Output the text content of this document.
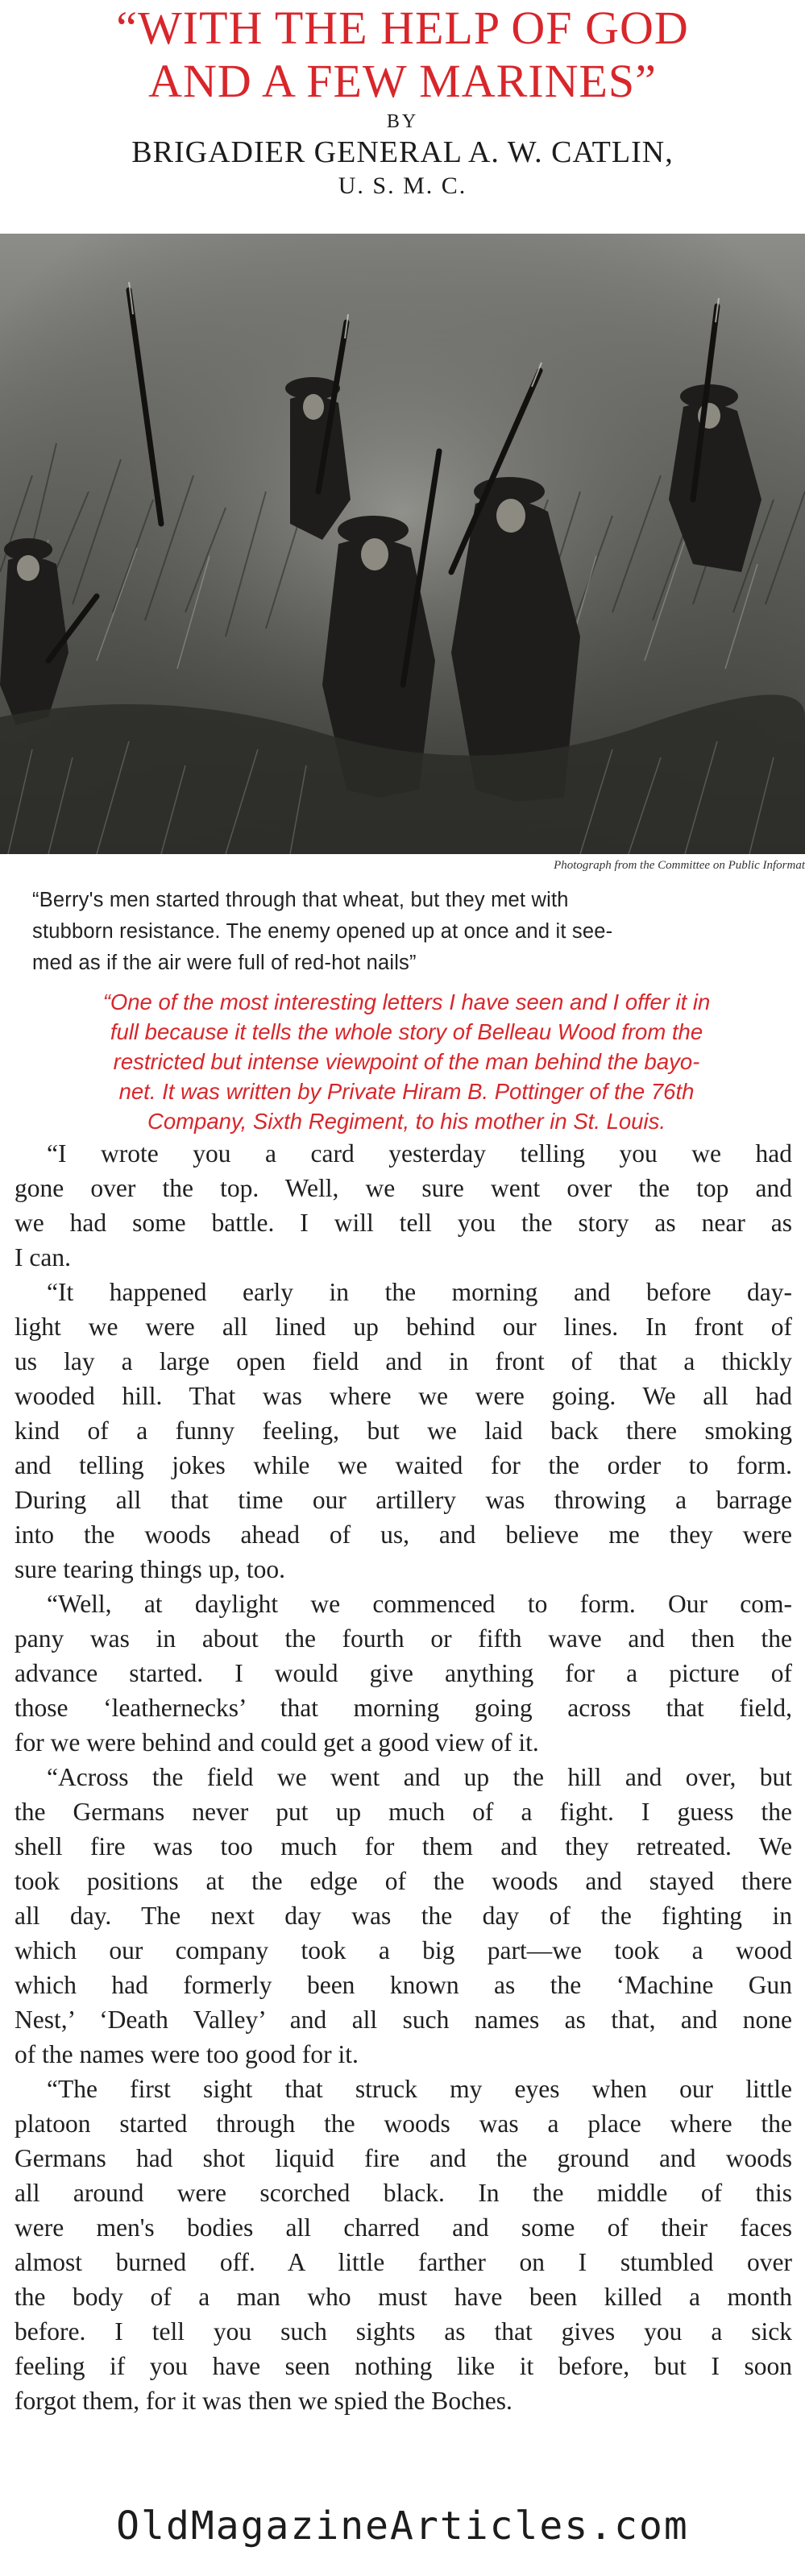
“WITH THE HELP OF GOD
AND A FEW MARINES”
BY
BRIGADIER GENERAL A. W. CATLIN,
U. S. M. C.
Photograph from the Committee on Public Informat
“Berry's men started through that wheat, but they met with
stubborn resistance. The enemy opened up at once and it see-
med as if the air were full of red-hot nails”
“One of the most interesting letters I have seen and I offer it in
full because it tells the whole story of Belleau Wood from the
restricted but intense viewpoint of the man behind the bayo-
net. It was written by Private Hiram B. Pottinger of the 76th
Company, Sixth Regiment, to his mother in St. Louis.

“I wrote you a card yesterday telling you we had
gone over the top. Well, we sure went over the top and
we had some battle. I will tell you the story as near as
I can.

“It happened early in the morning and before day-
light we were all lined up behind our lines. In front of
us lay a large open field and in front of that a thickly
wooded hill. That was where we were going. We all had
kind of a funny feeling, but we laid back there smoking
and telling jokes while we waited for the order to form.
During all that time our artillery was throwing a barrage
into the woods ahead of us, and believe me they were
sure tearing things up, too.

“Well, at daylight we commenced to form. Our com-
pany was in about the fourth or fifth wave and then the
advance started. I would give anything for a picture of
those ‘leathernecks’ that morning going across that field,
for we were behind and could get a good view of it.

“Across the field we went and up the hill and over, but
the Germans never put up much of a fight. I guess the
shell fire was too much for them and they retreated. We
took positions at the edge of the woods and stayed there
all day. The next day was the day of the fighting in
which our company took a big part—we took a wood
which had formerly been known as the ‘Machine Gun
Nest,’ ‘Death Valley’ and all such names as that, and none
of the names were too good for it.

“The first sight that struck my eyes when our little
platoon started through the woods was a place where the
Germans had shot liquid fire and the ground and woods
all around were scorched black. In the middle of this
were men's bodies all charred and some of their faces
almost burned off. A little farther on I stumbled over
the body of a man who must have been killed a month
before. I tell you such sights as that gives you a sick
feeling if you have seen nothing like it before, but I soon
forgot them, for it was then we spied the Boches.

OldMagazineArticles.com
